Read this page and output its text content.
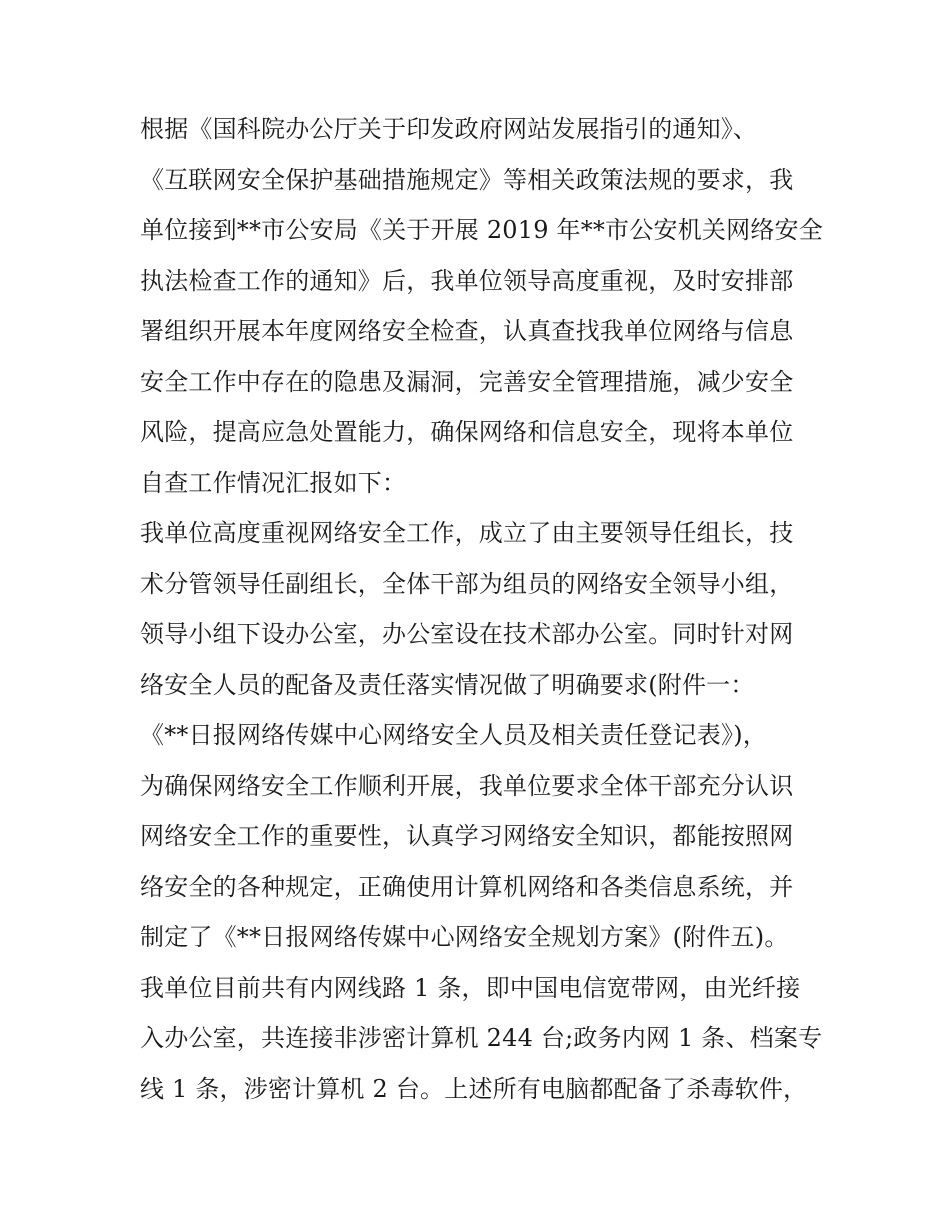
根据《国科院办公厅关于印发政府网站发展指引的通知》、
《互联网安全保护基础措施规定》等相关政策法规的要求，我
单位接到**市公安局《关于开展 2019 年**市公安机关网络安全
执法检查工作的通知》后，我单位领导高度重视，及时安排部
署组织开展本年度网络安全检查，认真查找我单位网络与信息
安全工作中存在的隐患及漏洞，完善安全管理措施，减少安全
风险，提高应急处置能力，确保网络和信息安全，现将本单位
自查工作情况汇报如下：
我单位高度重视网络安全工作，成立了由主要领导任组长，技
术分管领导任副组长，全体干部为组员的网络安全领导小组，
领导小组下设办公室，办公室设在技术部办公室。同时针对网
络安全人员的配备及责任落实情况做了明确要求(附件一：
《**日报网络传媒中心网络安全人员及相关责任登记表》)，
为确保网络安全工作顺利开展，我单位要求全体干部充分认识
网络安全工作的重要性，认真学习网络安全知识，都能按照网
络安全的各种规定，正确使用计算机网络和各类信息系统，并
制定了《**日报网络传媒中心网络安全规划方案》(附件五)。
我单位目前共有内网线路 1 条，即中国电信宽带网，由光纤接
入办公室，共连接非涉密计算机 244 台;政务内网 1 条、档案专
线 1 条，涉密计算机 2 台。上述所有电脑都配备了杀毒软件，
